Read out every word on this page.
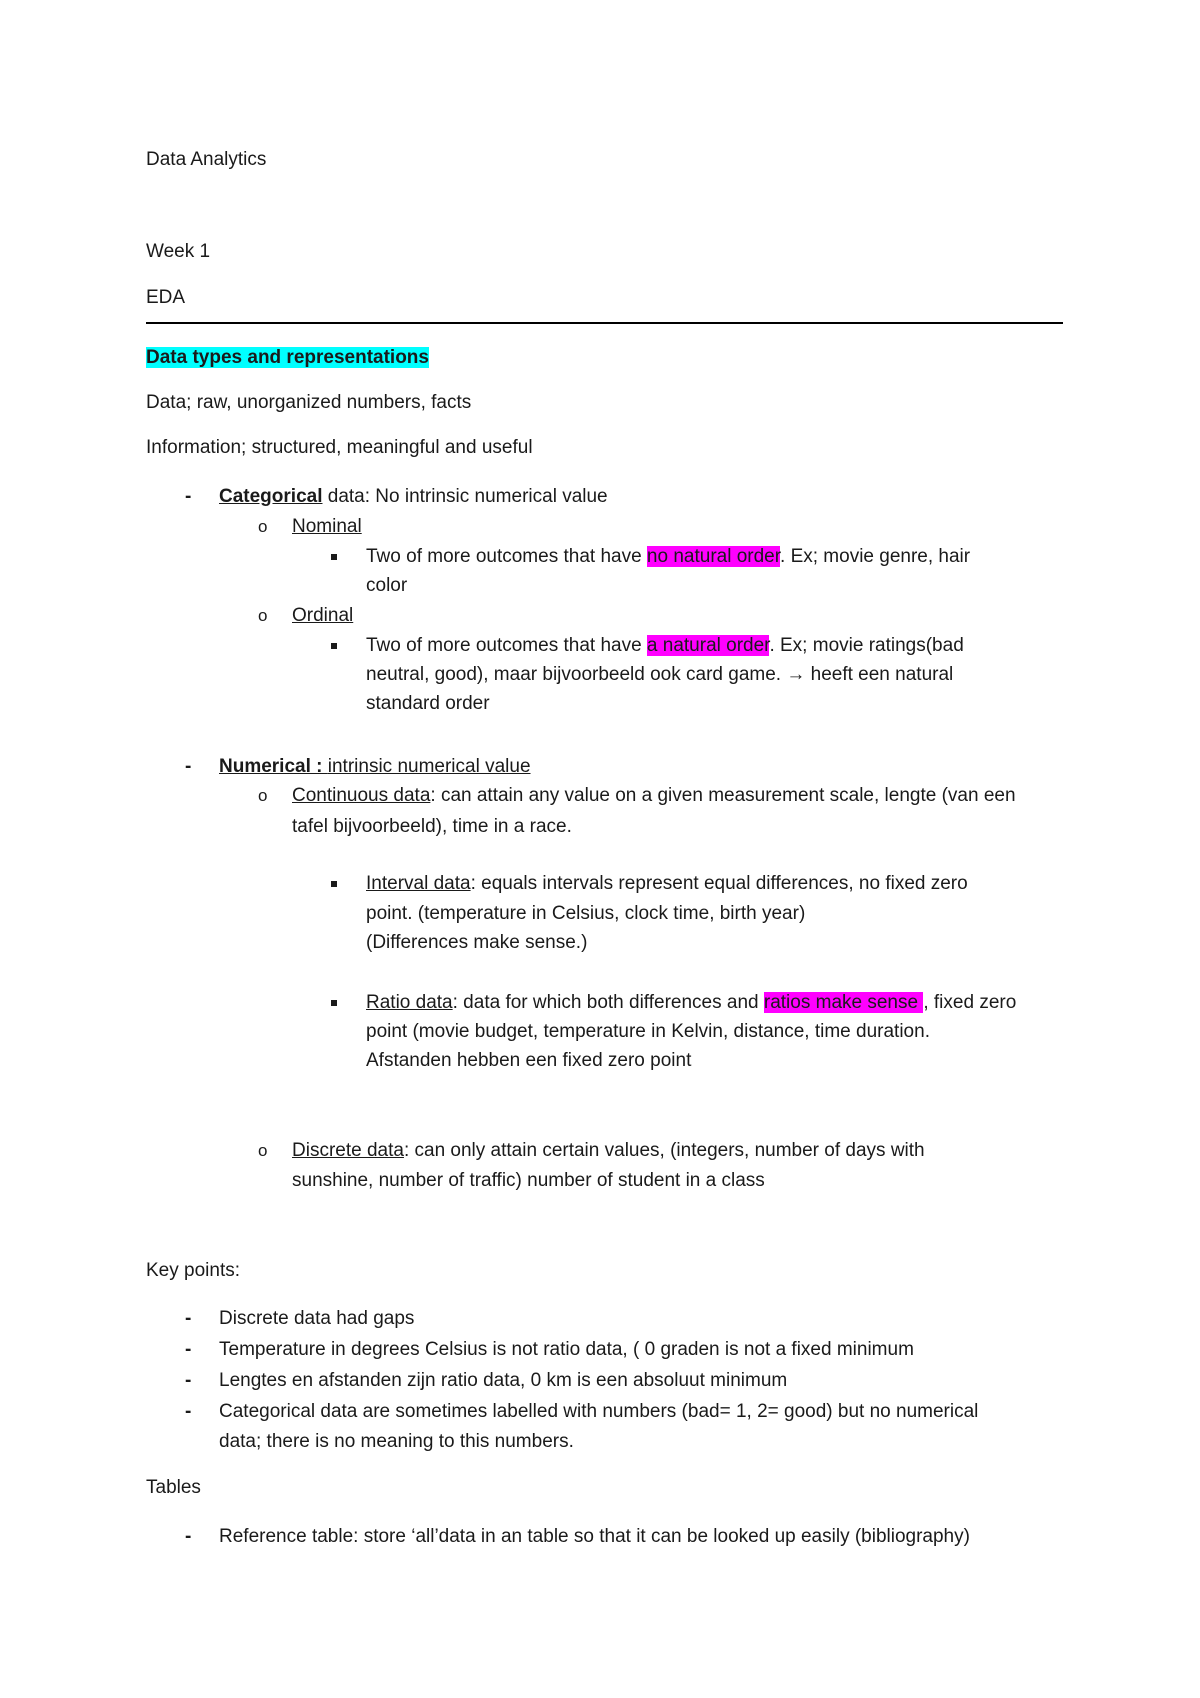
Data Analytics
Week 1
EDA
Data types and representations
Data; raw, unorganized numbers, facts
Information; structured, meaningful and useful
- Categorical data: No intrinsic numerical value
o Nominal
Two of more outcomes that have no natural order. Ex; movie genre, hair
color
o Ordinal
Two of more outcomes that have a natural order. Ex; movie ratings(bad
neutral, good), maar bijvoorbeeld ook card game. → heeft een natural
standard order
- Numerical : intrinsic numerical value
o Continuous data: can attain any value on a given measurement scale, lengte (van een
tafel bijvoorbeeld), time in a race.
Interval data: equals intervals represent equal differences, no fixed zero
point. (temperature in Celsius, clock time, birth year)
(Differences make sense.)
Ratio data: data for which both differences and ratios make sense , fixed zero
point (movie budget, temperature in Kelvin, distance, time duration.
Afstanden hebben een fixed zero point
o Discrete data: can only attain certain values, (integers, number of days with
sunshine, number of traffic) number of student in a class
Key points:
- Discrete data had gaps
- Temperature in degrees Celsius is not ratio data, ( 0 graden is not a fixed minimum
- Lengtes en afstanden zijn ratio data, 0 km is een absoluut minimum
- Categorical data are sometimes labelled with numbers (bad= 1, 2= good) but no numerical
data; there is no meaning to this numbers.
Tables
- Reference table: store ‘all’data in an table so that it can be looked up easily (bibliography)
